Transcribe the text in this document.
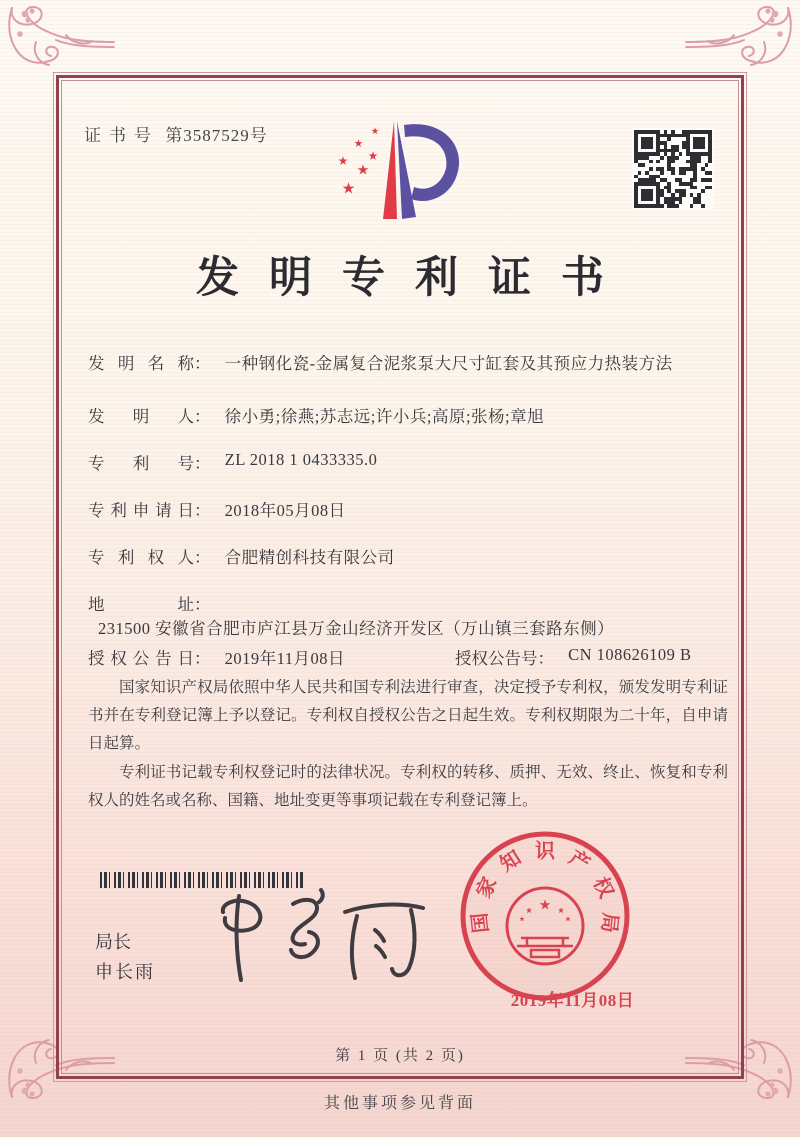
证书号 第3587529号
发明专利证书
发明名称： 一种钢化瓷-金属复合泥浆泵大尺寸缸套及其预应力热装方法
发明人： 徐小勇;徐燕;苏志远;许小兵;高原;张杨;章旭
专利号： ZL 2018 1 0433335.0
专利申请日： 2018年05月08日
专利权人： 合肥精创科技有限公司
地址： 231500 安徽省合肥市庐江县万金山经济开发区（万山镇三套路东侧）
授权公告日： 2019年11月08日	授权公告号： CN 108626109 B

国家知识产权局依照中华人民共和国专利法进行审查，决定授予专利权，颁发发明专利证书并在专利登记簿上予以登记。专利权自授权公告之日起生效。专利权期限为二十年，自申请日起算。

专利证书记载专利权登记时的法律状况。专利权的转移、质押、无效、终止、恢复和专利权人的姓名或名称、国籍、地址变更等事项记载在专利登记簿上。

局长
申长雨
国
家
知 识 产
权
局
2019年11月08日
第 1 页 (共 2 页)
其他事项参见背面
